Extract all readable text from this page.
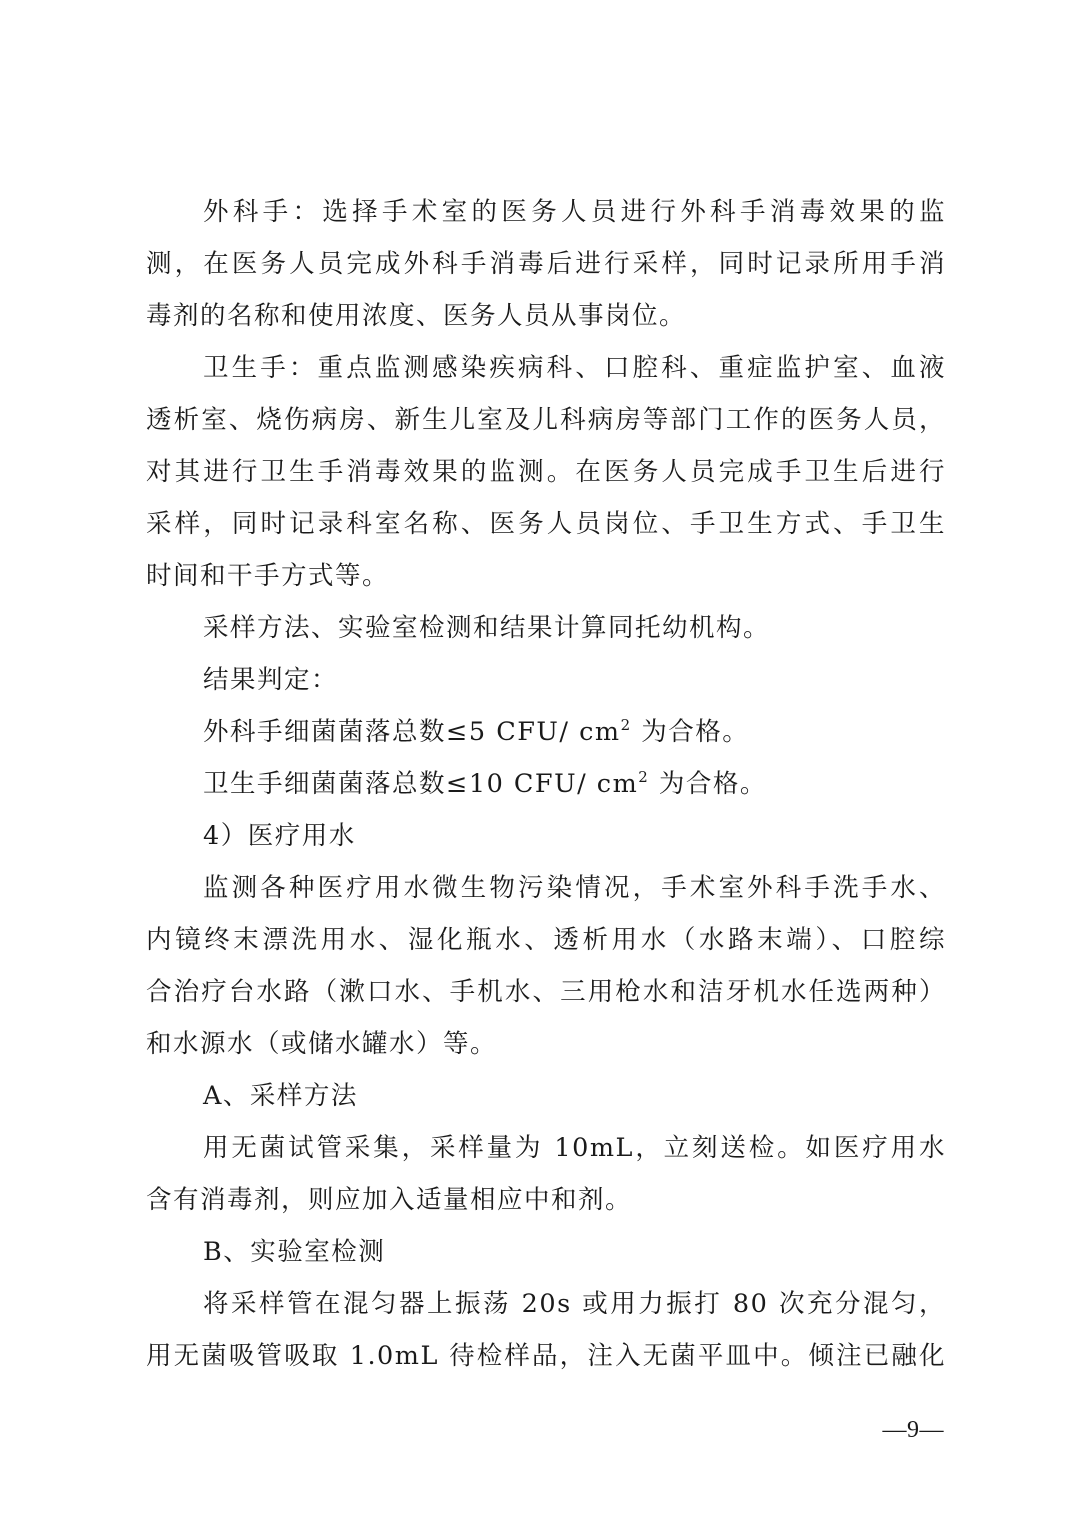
外科手：选择手术室的医务人员进行外科手消毒效果的监
测，在医务人员完成外科手消毒后进行采样，同时记录所用手消
毒剂的名称和使用浓度、医务人员从事岗位。
卫生手：重点监测感染疾病科、口腔科、重症监护室、血液
透析室、烧伤病房、新生儿室及儿科病房等部门工作的医务人员，
对其进行卫生手消毒效果的监测。在医务人员完成手卫生后进行
采样，同时记录科室名称、医务人员岗位、手卫生方式、手卫生
时间和干手方式等。
采样方法、实验室检测和结果计算同托幼机构。
结果判定：
外科手细菌菌落总数≤5 CFU/ $cm^2$ 为合格。
卫生手细菌菌落总数≤10 CFU/ $cm^2$ 为合格。
4）医疗用水
监测各种医疗用水微生物污染情况，手术室外科手洗手水、
内镜终末漂洗用水、湿化瓶水、透析用水（水路末端）、口腔综
合治疗台水路（漱口水、手机水、三用枪水和洁牙机水任选两种）
和水源水（或储水罐水）等。
A、采样方法
用无菌试管采集，采样量为 10mL，立刻送检。如医疗用水
含有消毒剂，则应加入适量相应中和剂。
B、实验室检测
将采样管在混匀器上振荡 20s 或用力振打 80 次充分混匀，
用无菌吸管吸取 1.0mL 待检样品，注入无菌平皿中。倾注已融化
—9—
